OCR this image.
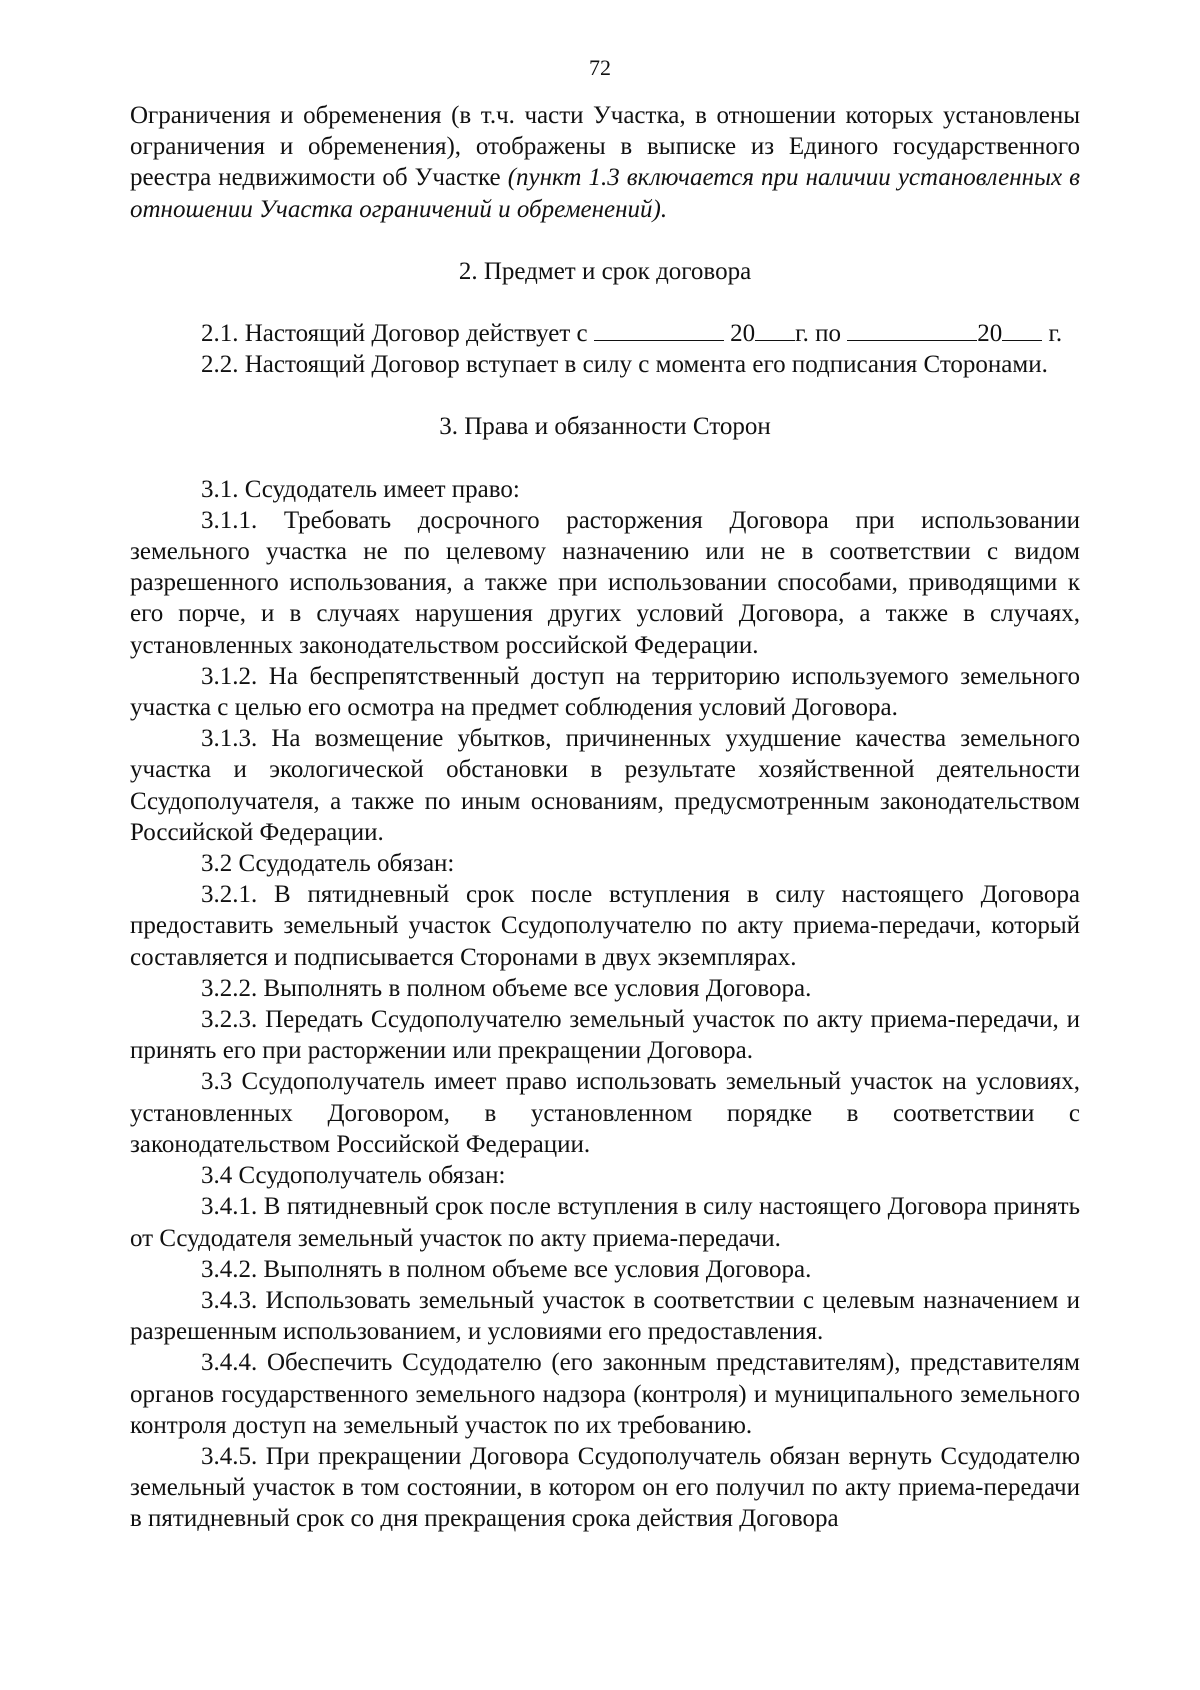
72

Ограничения и обременения (в т.ч. части Участка, в отношении которых установлены ограничения и обременения), отображены в выписке из Единого государственного реестра недвижимости об Участке (пункт 1.3 включается при наличии установленных в отношении Участка ограничений и обременений).

2. Предмет и срок договора

2.1. Настоящий Договор действует с	20 г. по	20 г.

2.2. Настоящий Договор вступает в силу с момента его подписания Сторонами.

3. Права и обязанности Сторон

3.1. Ссудодатель имеет право:

3.1.1. Требовать досрочного расторжения Договора при использовании земельного участка не по целевому назначению или не в соответствии с видом разрешенного использования, а также при использовании способами, приводящими к его порче, и в случаях нарушения других условий Договора, а также в случаях, установленных законодательством российской Федерации.

3.1.2. На беспрепятственный доступ на территорию используемого земельного участка с целью его осмотра на предмет соблюдения условий Договора.

3.1.3. На возмещение убытков, причиненных ухудшение качества земельного участка и экологической обстановки в результате хозяйственной деятельности Ссудополучателя, а также по иным основаниям, предусмотренным законодательством Российской Федерации.

3.2 Ссудодатель обязан:

3.2.1. В пятидневный срок после вступления в силу настоящего Договора предоставить земельный участок Ссудополучателю по акту приема-передачи, который составляется и подписывается Сторонами в двух экземплярах.

3.2.2. Выполнять в полном объеме все условия Договора.

3.2.3. Передать Ссудополучателю земельный участок по акту приема-передачи, и принять его при расторжении или прекращении Договора.

3.3 Ссудополучатель имеет право использовать земельный участок на условиях, установленных Договором, в установленном порядке в соответствии с законодательством Российской Федерации.

3.4 Ссудополучатель обязан:

3.4.1. В пятидневный срок после вступления в силу настоящего Договора принять от Ссудодателя земельный участок по акту приема-передачи.

3.4.2. Выполнять в полном объеме все условия Договора.

3.4.3. Использовать земельный участок в соответствии с целевым назначением и разрешенным использованием, и условиями его предоставления.

3.4.4. Обеспечить Ссудодателю (его законным представителям), представителям органов государственного земельного надзора (контроля) и муниципального земельного контроля доступ на земельный участок по их требованию.

3.4.5. При прекращении Договора Ссудополучатель обязан вернуть Ссудодателю земельный участок в том состоянии, в котором он его получил по акту приема-передачи в пятидневный срок со дня прекращения срока действия Договора
